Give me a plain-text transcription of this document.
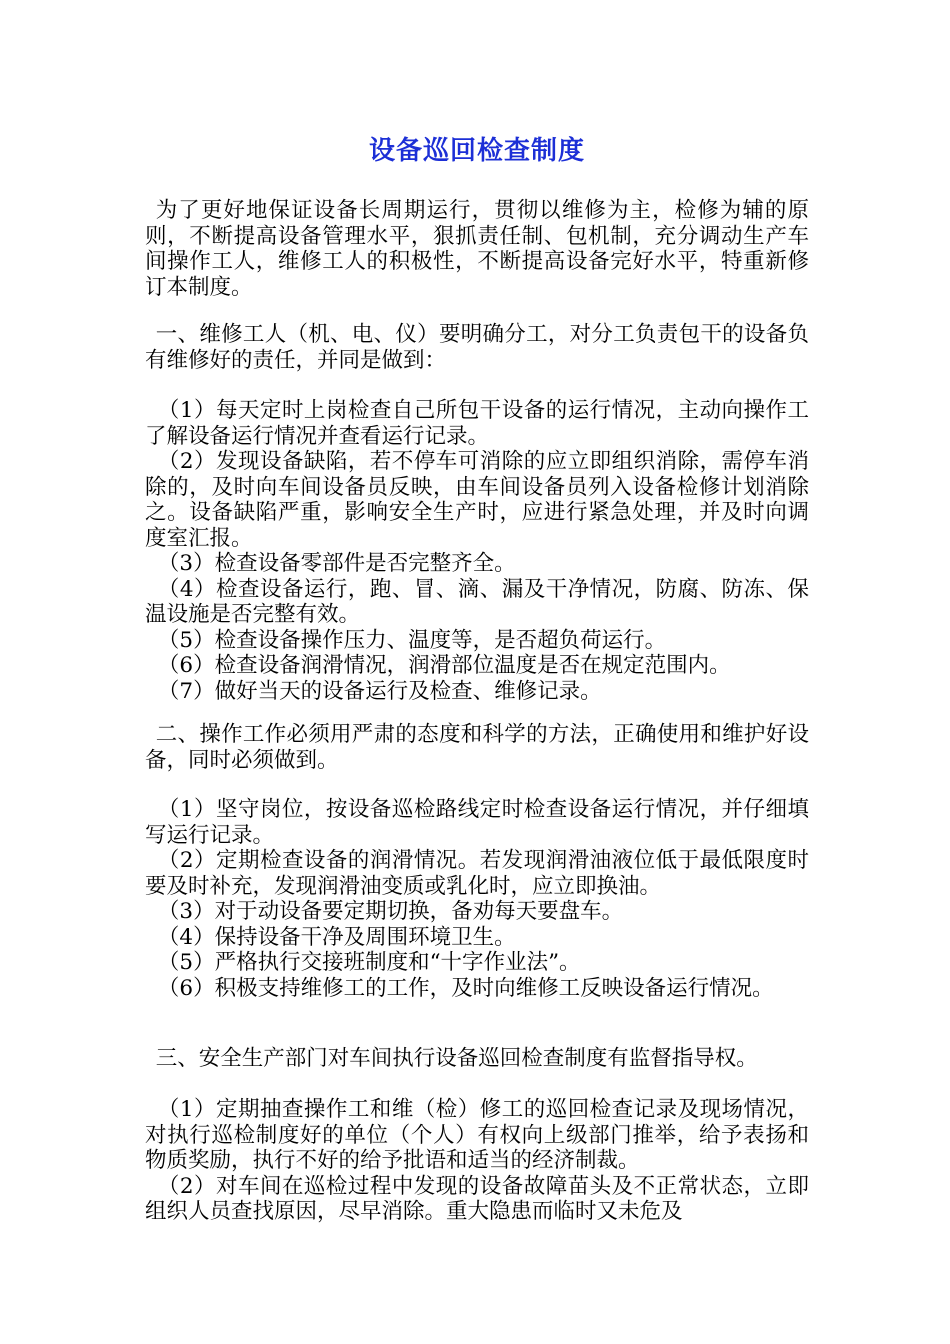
设备巡回检查制度

为了更好地保证设备长周期运行，贯彻以维修为主，检修为辅的原则，不断提高设备管理水平，狠抓责任制、包机制，充分调动生产车间操作工人，维修工人的积极性，不断提高设备完好水平，特重新修订本制度。

一、维修工人（机、电、仪）要明确分工，对分工负责包干的设备负有维修好的责任，并同是做到：

（1）每天定时上岗检查自己所包干设备的运行情况，主动向操作工了解设备运行情况并查看运行记录。

（2）发现设备缺陷，若不停车可消除的应立即组织消除，需停车消除的，及时向车间设备员反映，由车间设备员列入设备检修计划消除之。设备缺陷严重，影响安全生产时，应进行紧急处理，并及时向调度室汇报。

（3）检查设备零部件是否完整齐全。

（4）检查设备运行，跑、冒、滴、漏及干净情况，防腐、防冻、保温设施是否完整有效。

（5）检查设备操作压力、温度等，是否超负荷运行。

（6）检查设备润滑情况，润滑部位温度是否在规定范围内。

（7）做好当天的设备运行及检查、维修记录。

二、操作工作必须用严肃的态度和科学的方法，正确使用和维护好设备，同时必须做到。

（1）坚守岗位，按设备巡检路线定时检查设备运行情况，并仔细填写运行记录。

（2）定期检查设备的润滑情况。若发现润滑油液位低于最低限度时要及时补充，发现润滑油变质或乳化时，应立即换油。

（3）对于动设备要定期切换，备劝每天要盘车。

（4）保持设备干净及周围环境卫生。

（5）严格执行交接班制度和“十字作业法”。

（6）积极支持维修工的工作，及时向维修工反映设备运行情况。

三、安全生产部门对车间执行设备巡回检查制度有监督指导权。

（1）定期抽查操作工和维（检）修工的巡回检查记录及现场情况，对执行巡检制度好的单位（个人）有权向上级部门推举，给予表扬和物质奖励，执行不好的给予批语和适当的经济制裁。

（2）对车间在巡检过程中发现的设备故障苗头及不正常状态，立即组织人员查找原因，尽早消除。重大隐患而临时又未危及
